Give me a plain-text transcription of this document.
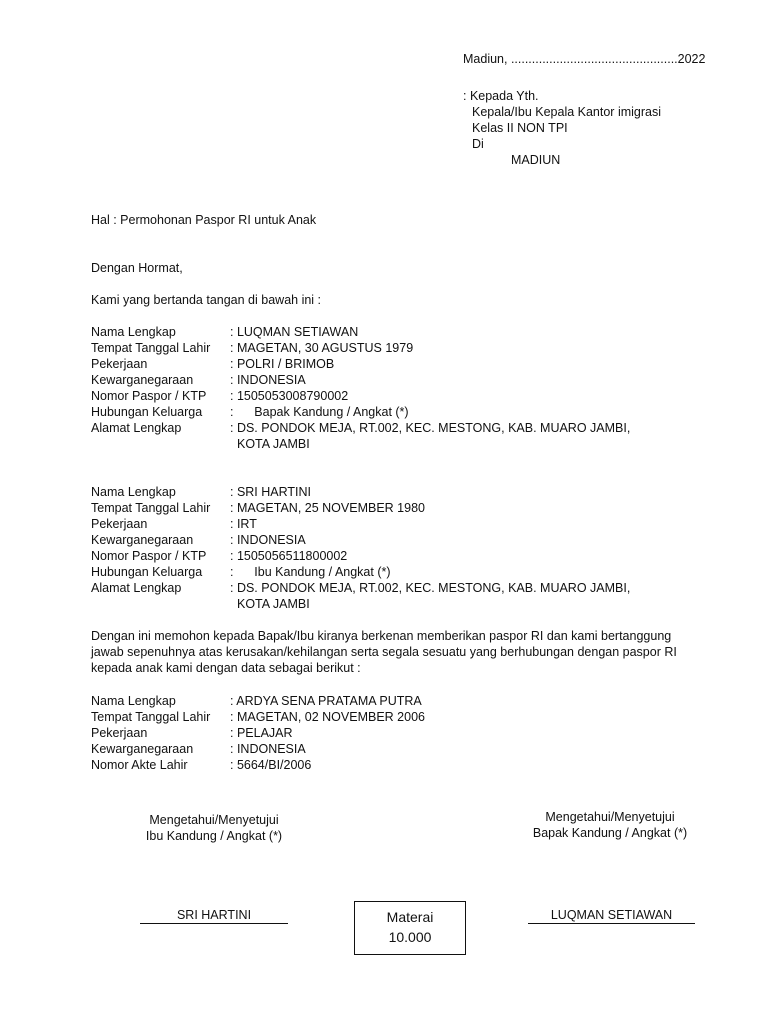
Madiun, ................................................2022
: Kepada Yth.
Kepala/Ibu Kepala Kantor imigrasi
Kelas II NON TPI
Di
MADIUN
Hal : Permohonan Paspor RI untuk Anak
Dengan Hormat,
Kami yang bertanda tangan di bawah ini :
Nama Lengkap	: LUQMAN SETIAWAN
Tempat Tanggal Lahir : MAGETAN, 30 AGUSTUS 1979
Pekerjaan	: POLRI / BRIMOB
Kewarganegaraan	: INDONESIA
Nomor Paspor / KTP : 1505053008790002
Hubungan Keluarga :      Bapak Kandung / Angkat (*)
Alamat Lengkap	: DS. PONDOK MEJA, RT.002, KEC. MESTONG, KAB. MUARO JAMBI,
KOTA JAMBI
Nama Lengkap	: SRI HARTINI
Tempat Tanggal Lahir : MAGETAN, 25 NOVEMBER 1980
Pekerjaan	: IRT
Kewarganegaraan	: INDONESIA
Nomor Paspor / KTP : 1505056511800002
Hubungan Keluarga :      Ibu Kandung / Angkat (*)
Alamat Lengkap	: DS. PONDOK MEJA, RT.002, KEC. MESTONG, KAB. MUARO JAMBI,
KOTA JAMBI
Dengan ini memohon kepada Bapak/Ibu kiranya berkenan memberikan paspor RI dan kami bertanggung
jawab sepenuhnya atas kerusakan/kehilangan serta segala sesuatu yang berhubungan dengan paspor RI
kepada anak kami dengan data sebagai berikut :
Nama Lengkap	: ARDYA SENA PRATAMA PUTRA
Tempat Tanggal Lahir : MAGETAN, 02 NOVEMBER 2006
Pekerjaan	: PELAJAR
Kewarganegaraan	: INDONESIA
Nomor Akte Lahir	: 5664/BI/2006
Mengetahui/Menyetujui
Ibu Kandung / Angkat (*)
SRI HARTINI	Materai
10.000
Mengetahui/Menyetujui
Bapak Kandung / Angkat (*)
LUQMAN SETIAWAN
